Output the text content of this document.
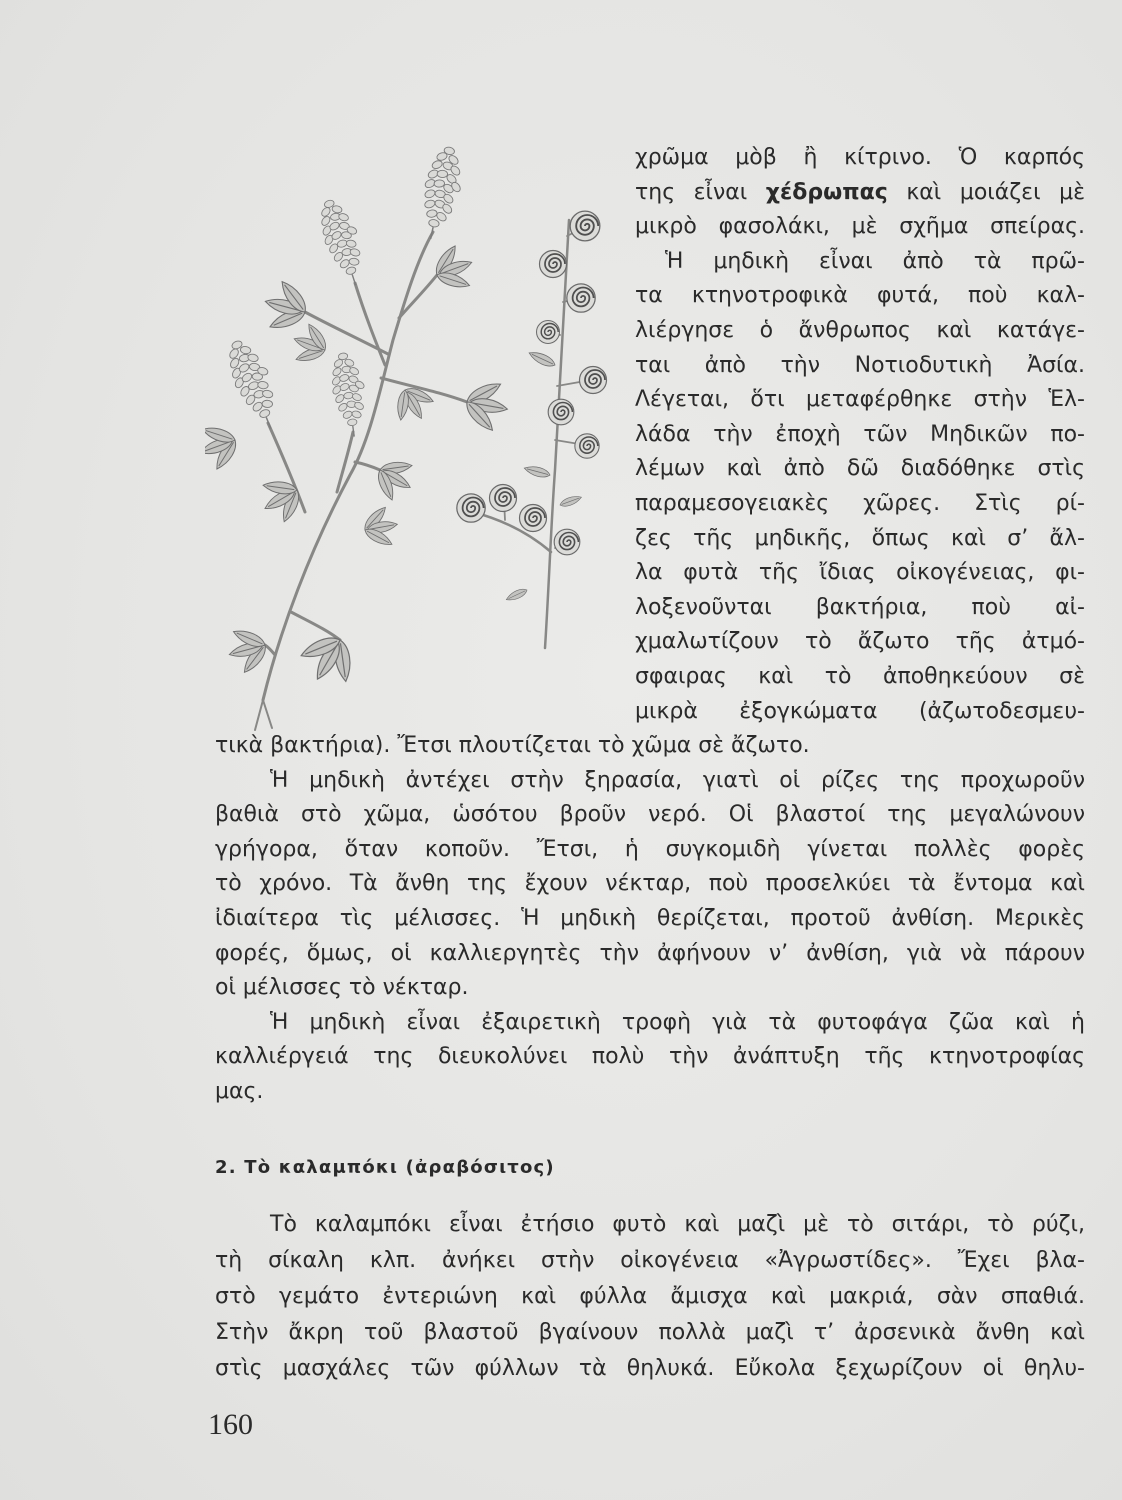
χρῶμα μὸβ ἢ κίτρινο. Ὁ καρπός
της εἶναι χέδρωπας καὶ μοιάζει μὲ
μικρὸ φασολάκι, μὲ σχῆμα σπείρας.
Ἡ μηδικὴ εἶναι ἀπὸ τὰ πρῶ-
τα κτηνοτροφικὰ φυτά, ποὺ καλ-
λιέργησε ὁ ἄνθρωπος καὶ κατάγε-
ται ἀπὸ τὴν Νοτιοδυτικὴ Ἀσία.
Λέγεται, ὅτι μεταφέρθηκε στὴν Ἑλ-
λάδα τὴν ἐποχὴ τῶν Μηδικῶν πο-
λέμων καὶ ἀπὸ δῶ διαδόθηκε στὶς
παραμεσογειακὲς χῶρες. Στὶς ρί-
ζες τῆς μηδικῆς, ὅπως καὶ σ’ ἄλ-
λα φυτὰ τῆς ἴδιας οἰκογένειας, φι-
λοξενοῦνται βακτήρια, ποὺ αἰ-
χμαλωτίζουν τὸ ἄζωτο τῆς ἀτμό-
σφαιρας καὶ τὸ ἀποθηκεύουν σὲ
μικρὰ ἐξογκώματα (ἀζωτοδεσμευ-
τικὰ βακτήρια). Ἔτσι πλουτίζεται τὸ χῶμα σὲ ἄζωτο.
Ἡ μηδικὴ ἀντέχει στὴν ξηρασία, γιατὶ οἱ ρίζες της προχωροῦν
βαθιὰ στὸ χῶμα, ὡσότου βροῦν νερό. Οἱ βλαστοί της μεγαλώνουν
γρήγορα, ὅταν κοποῦν. Ἔτσι, ἡ συγκομιδὴ γίνεται πολλὲς φορὲς
τὸ χρόνο. Τὰ ἄνθη της ἔχουν νέκταρ, ποὺ προσελκύει τὰ ἔντομα καὶ
ἰδιαίτερα τὶς μέλισσες. Ἡ μηδικὴ θερίζεται, προτοῦ ἀνθίση. Μερικὲς
φορές, ὅμως, οἱ καλλιεργητὲς τὴν ἀφήνουν ν’ ἀνθίση, γιὰ νὰ πάρουν
οἱ μέλισσες τὸ νέκταρ.
Ἡ μηδικὴ εἶναι ἐξαιρετικὴ τροφὴ γιὰ τὰ φυτοφάγα ζῶα καὶ ἡ
καλλιέργειά της διευκολύνει πολὺ τὴν ἀνάπτυξη τῆς κτηνοτροφίας
μας.
2. Τὸ καλαμπόκι (ἀραβόσιτος)
Τὸ καλαμπόκι εἶναι ἐτήσιο φυτὸ καὶ μαζὶ μὲ τὸ σιτάρι, τὸ ρύζι,
τὴ σίκαλη κλπ. ἀνήκει στὴν οἰκογένεια «Ἀγρωστίδες». Ἔχει βλα-
στὸ γεμάτο ἐντεριώνη καὶ φύλλα ἄμισχα καὶ μακριά, σὰν σπαθιά.
Στὴν ἄκρη τοῦ βλαστοῦ βγαίνουν πολλὰ μαζὶ τ’ ἀρσενικὰ ἄνθη καὶ
στὶς μασχάλες τῶν φύλλων τὰ θηλυκά. Εὔκολα ξεχωρίζουν οἱ θηλυ-
160
